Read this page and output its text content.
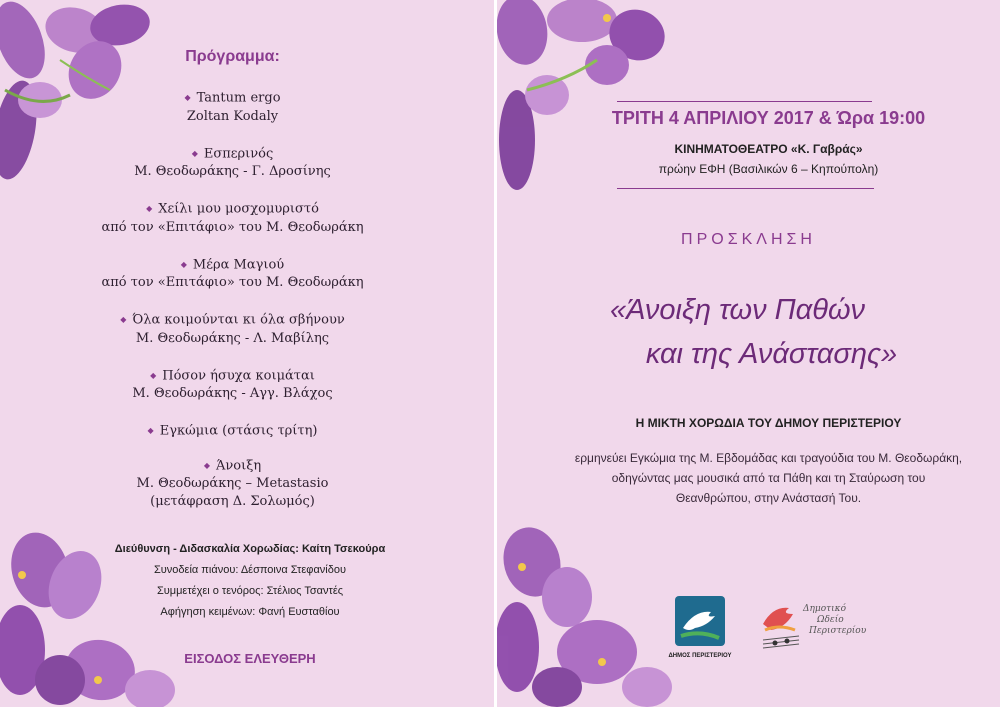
Πρόγραμμα:
◆ Tantum ergo
Zoltan Kodaly
◆ Εσπερινός
Μ. Θεοδωράκης - Γ. Δροσίνης
◆ Χείλι μου μοσχομυριστό
από τον «Επιτάφιο» του Μ. Θεοδωράκη
◆ Μέρα Μαγιού
από τον «Επιτάφιο» του Μ. Θεοδωράκη
◆ Όλα κοιμούνται κι όλα σβήνουν
Μ. Θεοδωράκης - Λ. Μαβίλης
◆ Πόσον ήσυχα κοιμάται
Μ. Θεοδωράκης - Αγγ. Βλάχος
◆ Εγκώμια (στάσις τρίτη)
◆ Άνοιξη
Μ. Θεοδωράκης – Metastasio
(μετάφραση Δ. Σολωμός)
Διεύθυνση - Διδασκαλία Χορωδίας: Καίτη Τσεκούρα
Συνοδεία πιάνου: Δέσποινα Στεφανίδου
Συμμετέχει ο τενόρος: Στέλιος Τσαντές
Αφήγηση κειμένων: Φανή Ευσταθίου
ΕΙΣΟΔΟΣ ΕΛΕΥΘΕΡΗ
ΤΡΙΤΗ 4 ΑΠΡΙΛΙΟΥ 2017 & Ώρα 19:00
ΚΙΝΗΜΑΤΟΘΕΑΤΡΟ «Κ. Γαβράς»
πρώην ΕΦΗ (Βασιλικών 6 – Κηπούπολη)
ΠΡΟΣΚΛΗΣΗ
«Άνοιξη των Παθών
και της Ανάστασης»
Η ΜΙΚΤΗ ΧΟΡΩΔΙΑ ΤΟΥ ΔΗΜΟΥ ΠΕΡΙΣΤΕΡΙΟΥ
ερμηνεύει Εγκώμια της Μ. Εβδομάδας και τραγούδια του Μ. Θεοδωράκη,
οδηγώντας μας μουσικά από τα Πάθη και τη Σταύρωση του
Θεανθρώπου, στην Ανάστασή Του.
ΔΗΜΟΣ ΠΕΡΙΣΤΕΡΙΟΥ
Δημοτικό
Ωδείο
Περιστερίου
